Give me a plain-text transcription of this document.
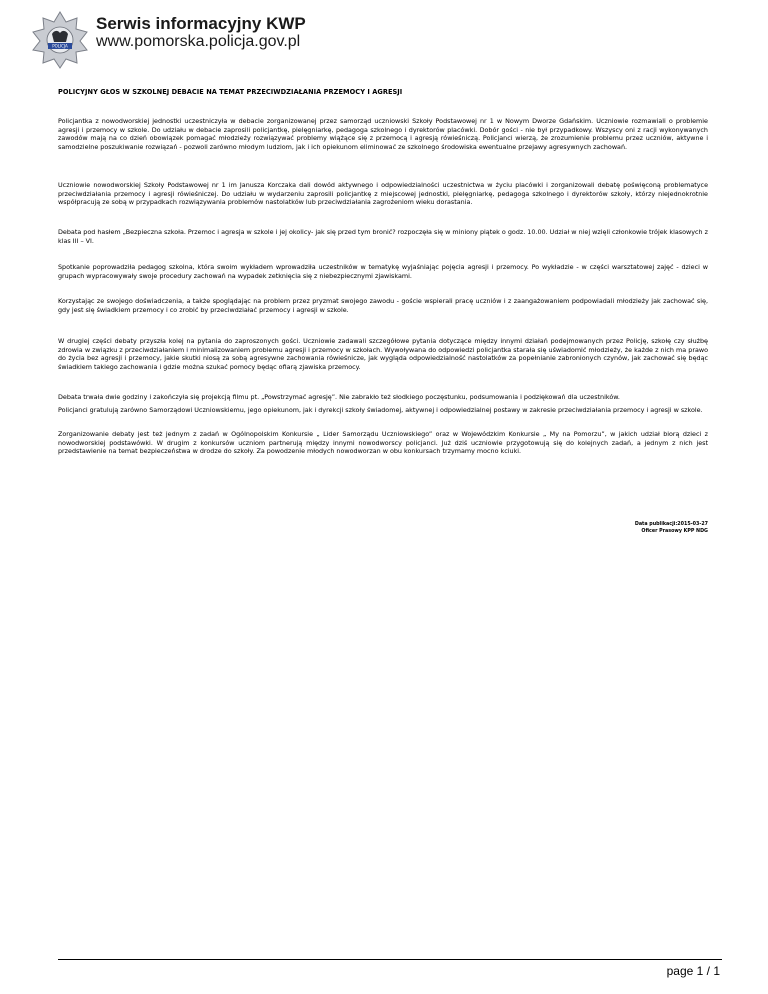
POLICJA
Serwis informacyjny KWP
www.pomorska.policja.gov.pl
POLICYJNY GŁOS W SZKOLNEJ DEBACIE NA TEMAT PRZECIWDZIAŁANIA PRZEMOCY I AGRESJI

Policjantka z nowodworskiej jednostki uczestniczyła w debacie zorganizowanej przez samorząd uczniowski Szkoły Podstawowej nr 1 w Nowym Dworze Gdańskim. Uczniowie rozmawiali o problemie agresji i przemocy w szkole. Do udziału w debacie zaprosili policjantkę, pielęgniarkę, pedagoga szkolnego i dyrektorów placówki. Dobór gości - nie był przypadkowy. Wszyscy oni z racji wykonywanych zawodów mają na co dzień obowiązek pomagać młodzieży rozwiązywać problemy wiążące się z przemocą i agresją rówieśniczą. Policjanci wierzą, że zrozumienie problemu przez uczniów, aktywne i samodzielne poszukiwanie rozwiązań - pozwoli zarówno młodym ludziom, jak i ich opiekunom eliminować ze szkolnego środowiska ewentualne przejawy agresywnych zachowań.

Uczniowie nowodworskiej Szkoły Podstawowej nr 1 im Janusza Korczaka dali dowód aktywnego i odpowiedzialności uczestnictwa w życiu placówki i zorganizowali debatę poświęconą problematyce przeciwdziałania przemocy i agresji rówieśniczej. Do udziału w wydarzeniu zaprosili policjantkę z miejscowej jednostki, pielęgniarkę, pedagoga szkolnego i dyrektorów szkoły, którzy niejednokrotnie współpracują ze sobą w przypadkach rozwiązywania problemów nastolatków lub przeciwdziałania zagrożeniom wieku dorastania.

Debata pod hasłem „Bezpieczna szkoła. Przemoc i agresja w szkole i jej okolicy- jak się przed tym bronić? rozpoczęła się w miniony piątek o godz. 10.00. Udział w niej wzięli członkowie trójek klasowych z klas III – VI.

Spotkanie poprowadziła pedagog szkolna, która swoim wykładem wprowadziła uczestników w tematykę wyjaśniając pojęcia agresji i przemocy. Po wykładzie - w części warsztatowej zajęć - dzieci w grupach wypracowywały swoje procedury zachowań na wypadek zetknięcia się z niebezpiecznymi zjawiskami.

Korzystając ze swojego doświadczenia, a także spoglądając na problem przez pryzmat swojego zawodu - goście wspierali pracę uczniów i z zaangażowaniem podpowiadali młodzieży jak zachować się, gdy jest się świadkiem przemocy i co zrobić by przeciwdziałać przemocy i agresji w szkole.

W drugiej części debaty przyszła kolej na pytania do zaproszonych gości. Uczniowie zadawali szczegółowe pytania dotyczące między innymi działań podejmowanych przez Policję, szkołę czy służbę zdrowia w związku z przeciwdziałaniem i minimalizowaniem problemu agresji i przemocy w szkołach. Wywoływana do odpowiedzi policjantka starała się uświadomić młodzieży, że każde z nich ma prawo do życia bez agresji i przemocy, jakie skutki niosą za sobą agresywne zachowania rówieśnicze, jak wygląda odpowiedzialność nastolatków za popełnianie zabronionych czynów, jak zachować się będąc świadkiem takiego zachowania i gdzie można szukać pomocy będąc ofiarą zjawiska przemocy.

Debata trwała dwie godziny i zakończyła się projekcją filmu pt. „Powstrzymać agresję”. Nie zabrakło też słodkiego poczęstunku, podsumowania i podziękowań dla uczestników.

Policjanci gratulują zarówno Samorządowi Uczniowskiemu, jego opiekunom, jak i dyrekcji szkoły świadomej, aktywnej i odpowiedzialnej postawy w zakresie przeciwdziałania przemocy i agresji w szkole.

Zorganizowanie debaty jest też jednym z zadań w Ogólnopolskim Konkursie „ Lider Samorządu Uczniowskiego” oraz w Wojewódzkim Konkursie „ My na Pomorzu”, w jakich udział biorą dzieci z nowodworskiej podstawówki. W drugim z konkursów uczniom partnerują między innymi nowodworscy policjanci. Już dziś uczniowie przygotowują się do kolejnych zadań, a jednym z nich jest przedstawienie na temat bezpieczeństwa w drodze do szkoły. Za powodzenie młodych nowodworzan w obu konkursach trzymamy mocno kciuki.

Data publikacji:2015-03-27
Oficer Prasowy KPP NDG
page 1 / 1
